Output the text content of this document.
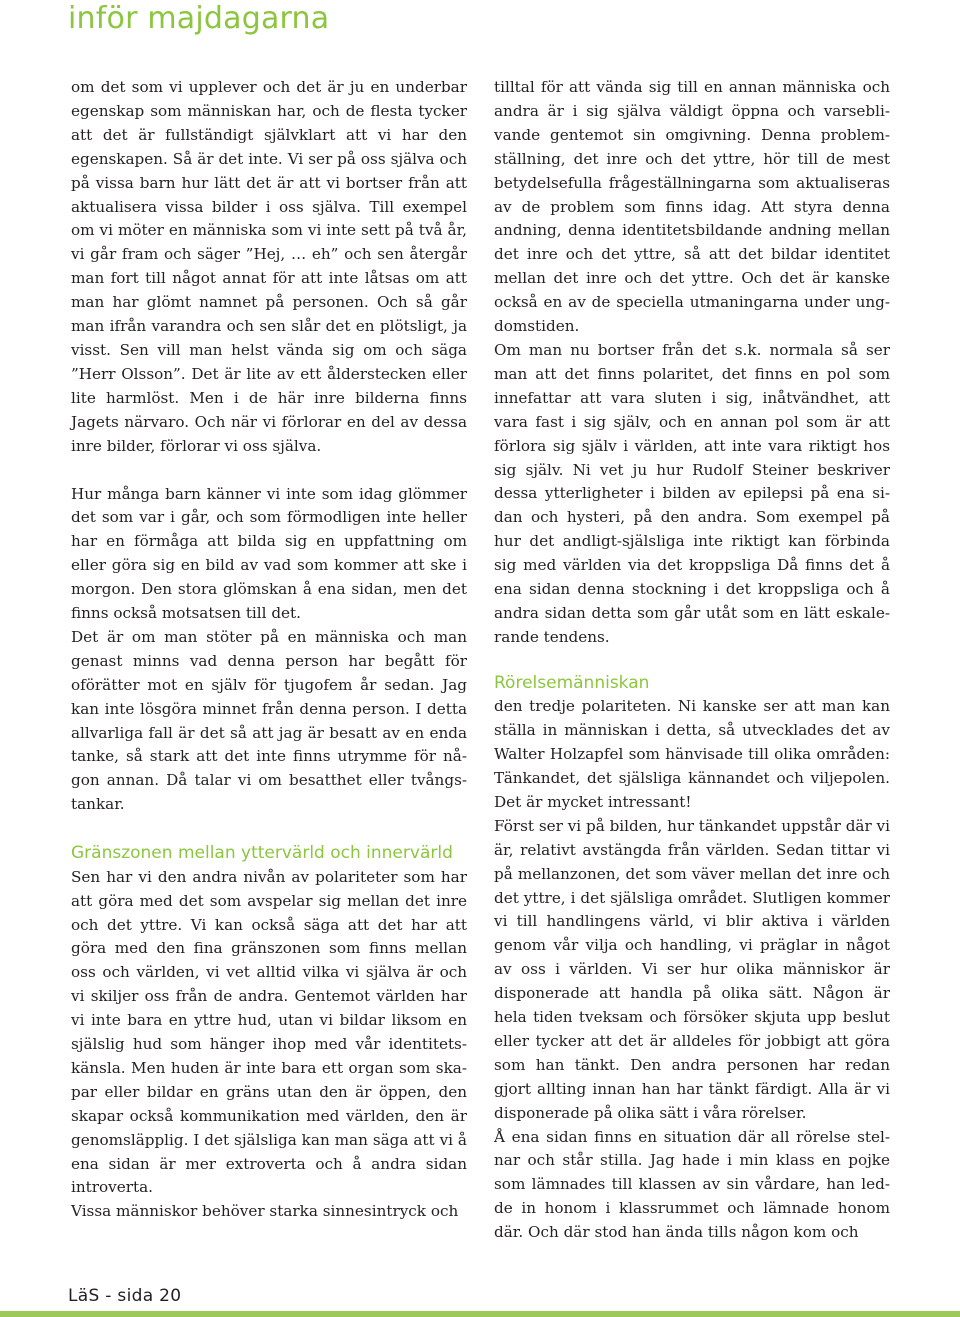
inför majdagarna

om det som vi upplever och det är ju en underbar egenskap som människan har, och de flesta tycker att det är fullständigt självklart att vi har den egenskapen. Så är det inte. Vi ser på oss själva och på vissa barn hur lätt det är att vi bortser från att aktualisera vissa bilder i oss själva. Till exempel om vi möter en människa som vi inte sett på två år, vi går fram och säger ”Hej, … eh” och sen återgår man fort till något annat för att inte låtsas om att man har glömt namnet på personen. Och så går man ifrån varandra och sen slår det en plötsligt, ja visst. Sen vill man helst vända sig om och säga ”Herr Olsson”. Det är lite av ett ålderstecken eller lite harmlöst. Men i de här inre bilderna finns Jagets närvaro. Och när vi förlorar en del av dessa inre bilder, förlorar vi oss själva.

Hur många barn känner vi inte som idag glömmer det som var i går, och som förmodligen inte heller har en förmåga att bilda sig en uppfattning om eller göra sig en bild av vad som kommer att ske i morgon. Den stora glömskan å ena sidan, men det finns också motsatsen till det.

Det är om man stöter på en människa och man genast minns vad denna person har begått för oförätter mot en själv för tjugofem år sedan. Jag kan inte lösgöra minnet från denna person. I detta allvarliga fall är det så att jag är besatt av en enda tanke, så stark att det inte finns utrymme för någon annan. Då talar vi om besatthet eller tvångstankar.

Gränszonen mellan yttervärld och innervärld

Sen har vi den andra nivån av polariteter som har att göra med det som avspelar sig mellan det inre och det yttre. Vi kan också säga att det har att göra med den fina gränszonen som finns mellan oss och världen, vi vet alltid vilka vi själva är och vi skiljer oss från de andra. Gentemot världen har vi inte bara en yttre hud, utan vi bildar liksom en själslig hud som hänger ihop med vår identitetskänsla. Men huden är inte bara ett organ som skapar eller bildar en gräns utan den är öppen, den skapar också kommunikation med världen, den är genomsläpplig. I det själsliga kan man säga att vi å ena sidan är mer extroverta och å andra sidan introverta.

Vissa människor behöver starka sinnesintryck och

tilltal för att vända sig till en annan människa och andra är i sig själva väldigt öppna och varseblivande gentemot sin omgivning. Denna problemställning, det inre och det yttre, hör till de mest betydelsefulla frågeställningarna som aktualiseras av de problem som finns idag. Att styra denna andning, denna identitetsbildande andning mellan det inre och det yttre, så att det bildar identitet mellan det inre och det yttre. Och det är kanske också en av de speciella utmaningarna under ungdomstiden.

Om man nu bortser från det s.k. normala så ser man att det finns polaritet, det finns en pol som innefattar att vara sluten i sig, inåtvändhet, att vara fast i sig själv, och en annan pol som är att förlora sig själv i världen, att inte vara riktigt hos sig själv. Ni vet ju hur Rudolf Steiner beskriver dessa ytterligheter i bilden av epilepsi på ena sidan och hysteri, på den andra. Som exempel på hur det andligt-själsliga inte riktigt kan förbinda sig med världen via det kroppsliga Då finns det å ena sidan denna stockning i det kroppsliga och å andra sidan detta som går utåt som en lätt eskalerande tendens.

Rörelsemänniskan

den tredje polariteten. Ni kanske ser att man kan ställa in människan i detta, så utvecklades det av Walter Holzapfel som hänvisade till olika områden: Tänkandet, det själsliga kännandet och viljepolen. Det är mycket intressant!

Först ser vi på bilden, hur tänkandet uppstår där vi är, relativt avstängda från världen. Sedan tittar vi på mellanzonen, det som väver mellan det inre och det yttre, i det själsliga området. Slutligen kommer vi till handlingens värld, vi blir aktiva i världen genom vår vilja och handling, vi präglar in något av oss i världen. Vi ser hur olika människor är disponerade att handla på olika sätt. Någon är hela tiden tveksam och försöker skjuta upp beslut eller tycker att det är alldeles för jobbigt att göra som han tänkt. Den andra personen har redan gjort allting innan han har tänkt färdigt. Alla är vi disponerade på olika sätt i våra rörelser.

Å ena sidan finns en situation där all rörelse stelnar och står stilla. Jag hade i min klass en pojke som lämnades till klassen av sin vårdare, han ledde in honom i klassrummet och lämnade honom där. Och där stod han ända tills någon kom och

LäS - sida 20
